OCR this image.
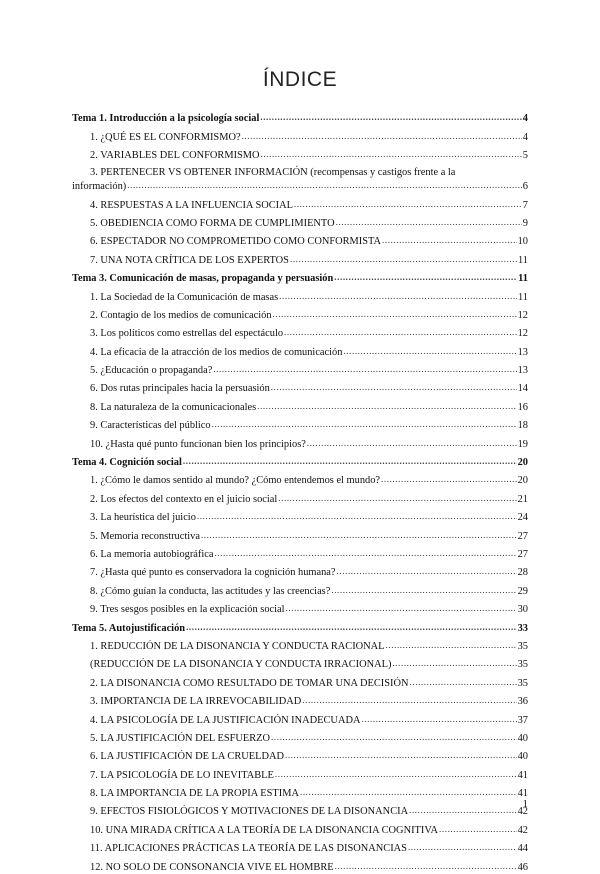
ÍNDICE
Tema 1. Introducción a la psicología social .....	4
1. ¿QUÉ ES EL CONFORMISMO? .....	4
2. VARIABLES DEL CONFORMISMO .....	5
3. PERTENECER VS OBTENER INFORMACIÓN (recompensas y castigos frente a la
información) .....	6
4. RESPUESTAS A LA INFLUENCIA SOCIAL .....	7
5. OBEDIENCIA COMO FORMA DE CUMPLIMIENTO .....	9
6. ESPECTADOR NO COMPROMETIDO COMO CONFORMISTA .....	10
7. UNA NOTA CRÍTICA DE LOS EXPERTOS .....	11
Tema 3. Comunicación de masas, propaganda y persuasión .....	11
1. La Sociedad de la Comunicación de masas .....	11
2. Contagio de los medios de comunicación .....	12
3. Los políticos como estrellas del espectáculo .....	12
4. La eficacia de la atracción de los medios de comunicación .....	13
5. ¿Educación o propaganda? .....	13
6. Dos rutas principales hacia la persuasión .....	14
8. La naturaleza de la comunicacionales .....	16
9. Características del público .....	18
10. ¿Hasta qué punto funcionan bien los principios? .....	19
Tema 4. Cognición social .....	20
1. ¿Cómo le damos sentido al mundo? ¿Cómo entendemos el mundo? .....	20
2. Los efectos del contexto en el juicio social .....	21
3. La heurística del juicio .....	24
5. Memoria reconstructiva .....	27
6. La memoria autobiográfica .....	27
7. ¿Hasta qué punto es conservadora la cognición humana? .....	28
8. ¿Cómo guían la conducta, las actitudes y las creencias? .....	29
9. Tres sesgos posibles en la explicación social .....	30
Tema 5. Autojustificación .....	33
1. REDUCCIÓN DE LA DISONANCIA Y CONDUCTA RACIONAL .....	35
(REDUCCIÓN DE LA DISONANCIA Y CONDUCTA IRRACIONAL) .....	35
2. LA DISONANCIA COMO RESULTADO DE TOMAR UNA DECISIÓN .....	35
3. IMPORTANCIA DE LA IRREVOCABILIDAD .....	36
4. LA PSICOLOGÍA DE LA JUSTIFICACIÓN INADECUADA .....	37
5. LA JUSTIFICACIÓN DEL ESFUERZO .....	40
6. LA JUSTIFICACIÓN DE LA CRUELDAD .....	40
7. LA PSICOLOGÍA DE LO INEVITABLE .....	41
8. LA IMPORTANCIA DE LA PROPIA ESTIMA .....	41
9. EFECTOS FISIOLÓGICOS Y MOTIVACIONES DE LA DISONANCIA .....	42
10. UNA MIRADA CRÍTICA A LA TEORÍA DE LA DISONANCIA COGNITIVA .....	42
11. APLICACIONES PRÁCTICAS LA TEORÍA DE LAS DISONANCIAS .....	44
12. NO SOLO DE CONSONANCIA VIVE EL HOMBRE .....	46
1
